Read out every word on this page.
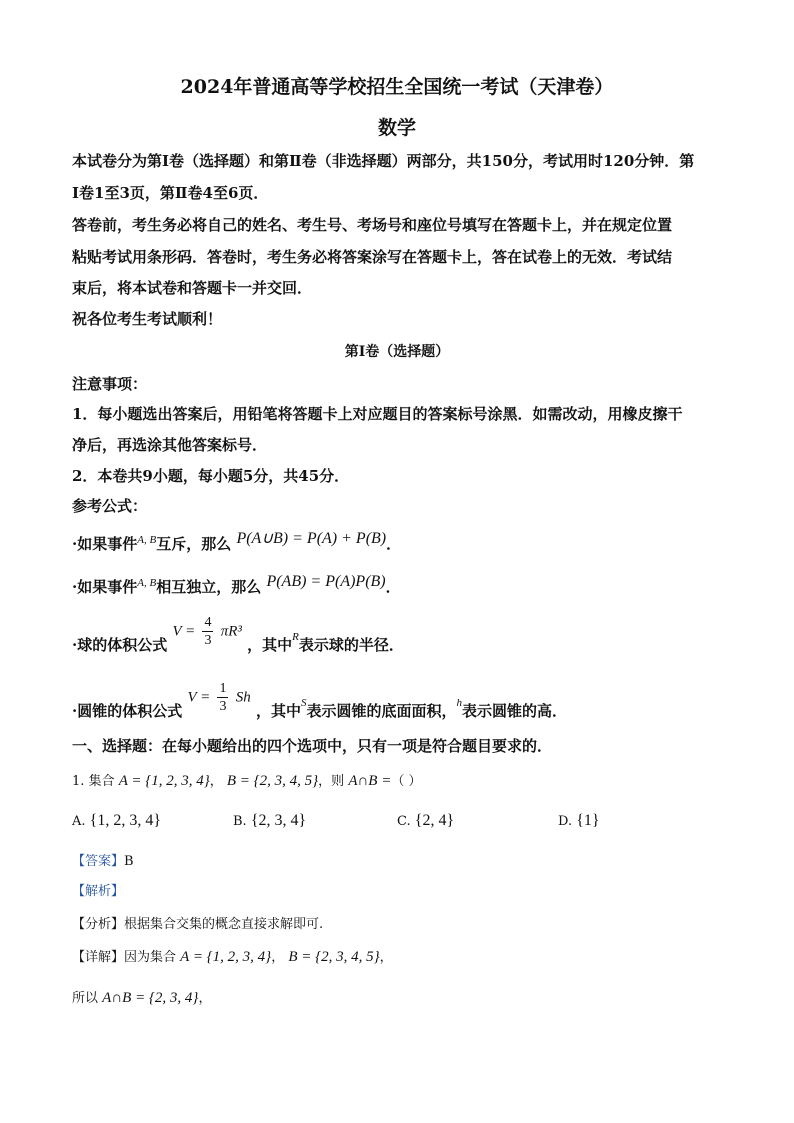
2024年普通高等学校招生全国统一考试（天津卷）
数学
本试卷分为第Ⅰ卷（选择题）和第Ⅱ卷（非选择题）两部分，共150分，考试用时120分钟．第
Ⅰ卷1至3页，第Ⅱ卷4至6页．
答卷前，考生务必将自己的姓名、考生号、考场号和座位号填写在答题卡上，并在规定位置
粘贴考试用条形码．答卷时，考生务必将答案涂写在答题卡上，答在试卷上的无效．考试结
束后，将本试卷和答题卡一并交回．
祝各位考生考试顺利！
第Ⅰ卷（选择题）
注意事项：
1．每小题选出答案后，用铅笔将答题卡上对应题目的答案标号涂黑．如需改动，用橡皮擦干
净后，再选涂其他答案标号．
2．本卷共9小题，每小题5分，共45分．
参考公式：
·如果事件$^{A, B}$互斥，那么 P(A∪B) = P(A) + P(B)．
·如果事件$^{A, B}$相互独立，那么 P(AB) = P(A)P(B)．
·球的体积公式 $V = \frac{4}{3} \pi R^3$ ，其中$^R$表示球的半径．
·圆锥的体积公式 $V = \frac{1}{3}$ Sh ，其中$^S$表示圆锥的底面面积，$^h$表示圆锥的高．
一、选择题：在每小题给出的四个选项中，只有一项是符合题目要求的．
1. 集合 A = {1, 2, 3, 4}， B = {2, 3, 4, 5}，则 A∩B =（ ）
A. {1, 2, 3, 4}	B. {2, 3, 4}	C. {2, 4}	D. {1}
【答案】B
【解析】
【分析】根据集合交集的概念直接求解即可.
【详解】因为集合 A = {1, 2, 3, 4}， B = {2, 3, 4, 5}，
所以 A∩B = {2, 3, 4}，
